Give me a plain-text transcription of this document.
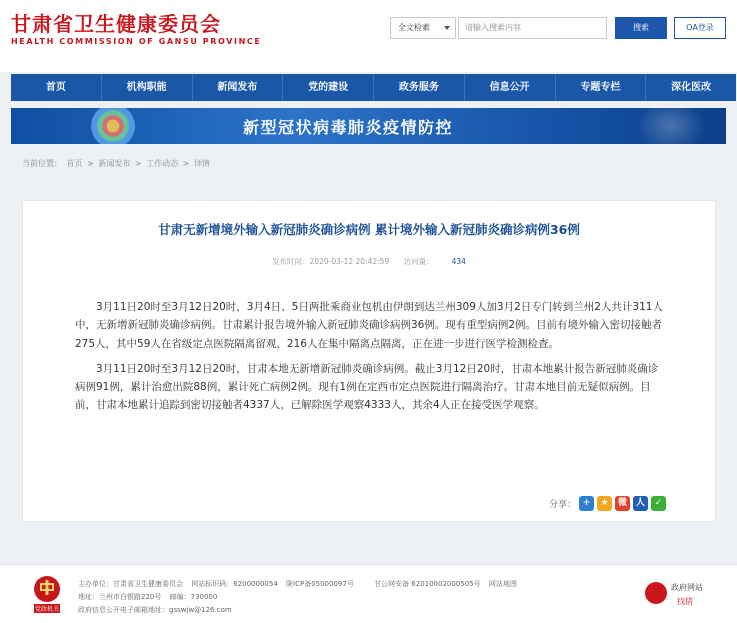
甘肃省卫生健康委员会
HEALTH COMMISSION OF GANSU PROVINCE
全文检索	请输入搜索内容	搜索	OA登录
首页	机构职能	新闻发布	党的建设	政务服务	信息公开	专题专栏	深化医改
新型冠状病毒肺炎疫情防控
当前位置： 首页 > 新闻发布 > 工作动态 > 详情
甘肃无新增境外输入新冠肺炎确诊病例 累计境外输入新冠肺炎确诊病例36例
发布时间：2020-03-12 20:42:59 访问量： 434

3月11日20时至3月12日20时，3月4日、5日两批乘商业包机由伊朗到达兰州309人加3月2日专门转到兰州2人共计311人中，无新增新冠肺炎确诊病例。甘肃累计报告境外输入新冠肺炎确诊病例36例。现有重型病例2例。目前有境外输入密切接触者275人，其中59人在省级定点医院隔离留观，216人在集中隔离点隔离，正在进一步进行医学检测检查。

3月11日20时至3月12日20时，甘肃本地无新增新冠肺炎确诊病例。截止3月12日20时，甘肃本地累计报告新冠肺炎确诊病例91例，累计治愈出院88例，累计死亡病例2例。现有1例在定西市定点医院进行隔离治疗。甘肃本地目前无疑似病例。目前，甘肃本地累计追踪到密切接触者4337人，已解除医学观察4333人，其余4人正在接受医学观察。

分享： +	★	微 人	✓
党政机关
主办单位：甘肃省卫生健康委员会 网站标识码：6200000054 陇ICP备05000097号	甘公网安备 62010002000505号 网站地图
地址：兰州市白银路220号 邮编：730000
政府信息公开电子邮箱地址：gsswjw@126.com
政府网站
找错
